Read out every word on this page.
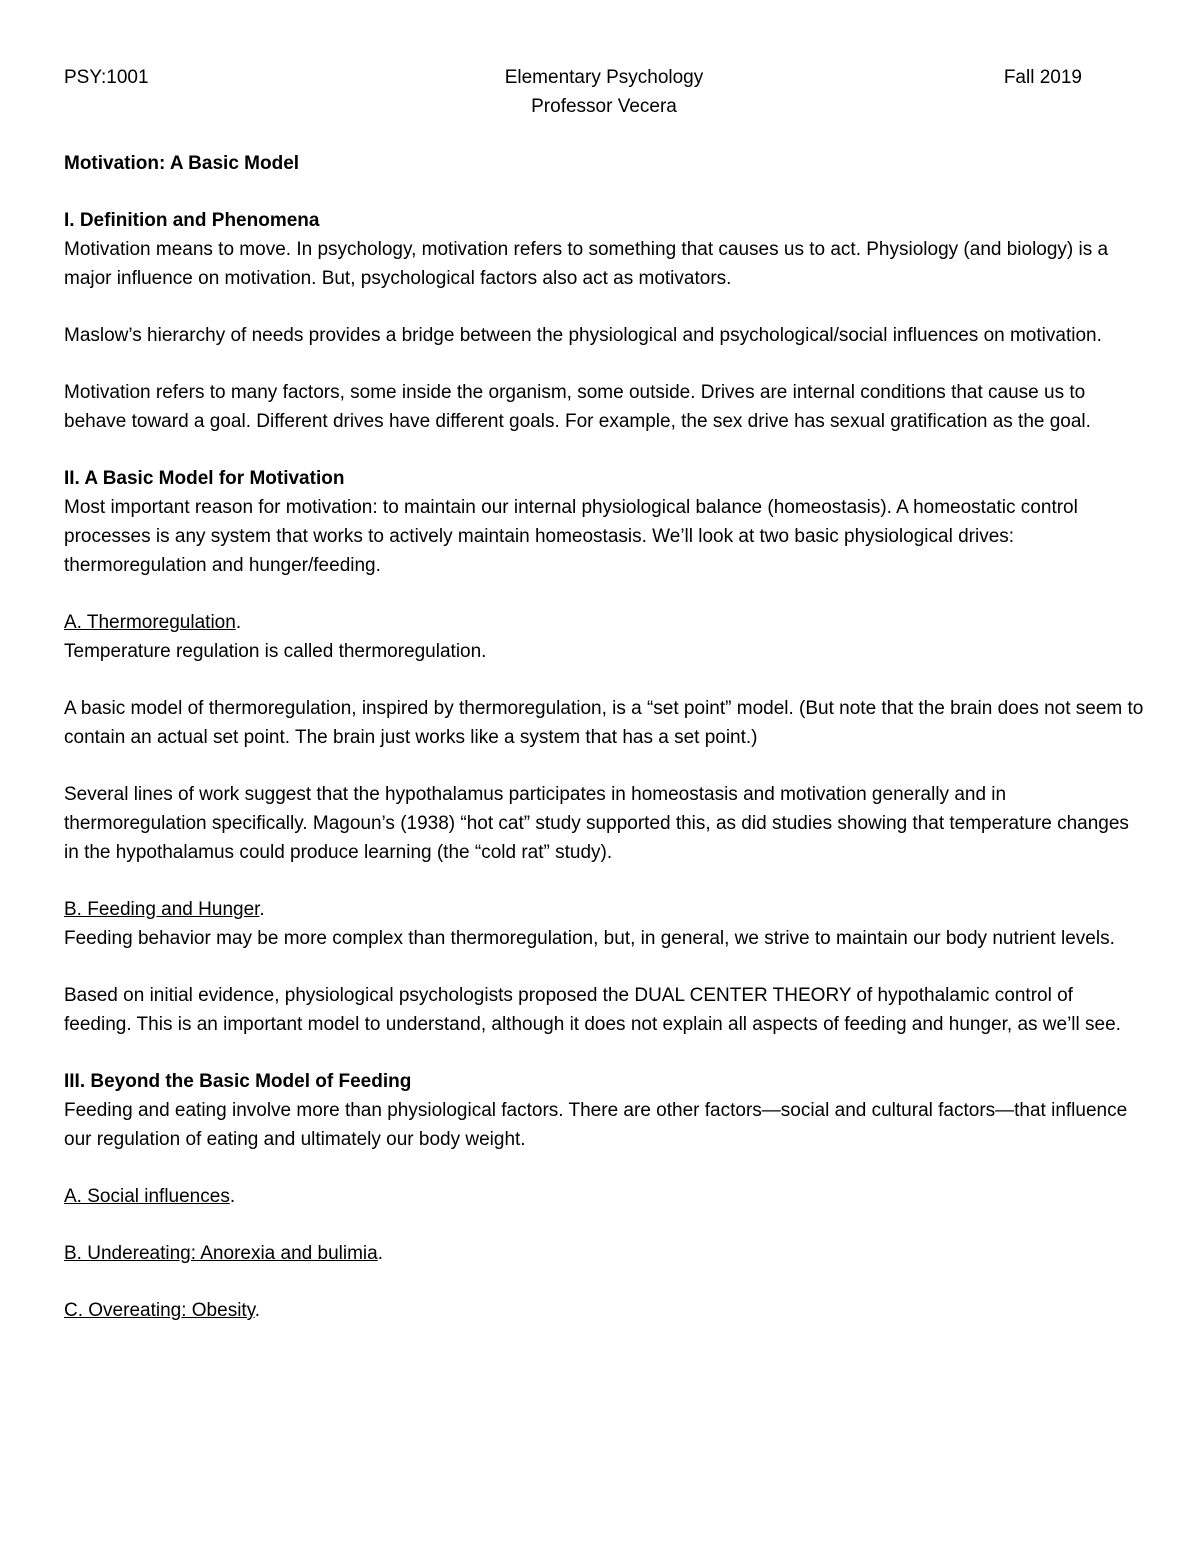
PSY:1001	Elementary Psychology	Fall 2019
Professor Vecera

Motivation: A Basic Model

I. Definition and Phenomena

Motivation means to move. In psychology, motivation refers to something that causes us to act. Physiology (and biology) is a major influence on motivation. But, psychological factors also act as motivators.

Maslow’s hierarchy of needs provides a bridge between the physiological and psychological/social influences on motivation.

Motivation refers to many factors, some inside the organism, some outside. Drives are internal conditions that cause us to behave toward a goal. Different drives have different goals. For example, the sex drive has sexual gratification as the goal.

II. A Basic Model for Motivation

Most important reason for motivation: to maintain our internal physiological balance (homeostasis). A homeostatic control processes is any system that works to actively maintain homeostasis. We’ll look at two basic physiological drives: thermoregulation and hunger/feeding.

A. Thermoregulation.

Temperature regulation is called thermoregulation.

A basic model of thermoregulation, inspired by thermoregulation, is a “set point” model. (But note that the brain does not seem to contain an actual set point. The brain just works like a system that has a set point.)

Several lines of work suggest that the hypothalamus participates in homeostasis and motivation generally and in thermoregulation specifically. Magoun’s (1938) “hot cat” study supported this, as did studies showing that temperature changes in the hypothalamus could produce learning (the “cold rat” study).

B. Feeding and Hunger.

Feeding behavior may be more complex than thermoregulation, but, in general, we strive to maintain our body nutrient levels.

Based on initial evidence, physiological psychologists proposed the DUAL CENTER THEORY of hypothalamic control of feeding. This is an important model to understand, although it does not explain all aspects of feeding and hunger, as we’ll see.

III. Beyond the Basic Model of Feeding

Feeding and eating involve more than physiological factors. There are other factors—social and cultural factors—that influence our regulation of eating and ultimately our body weight.

A. Social influences.

B. Undereating: Anorexia and bulimia.

C. Overeating: Obesity.
